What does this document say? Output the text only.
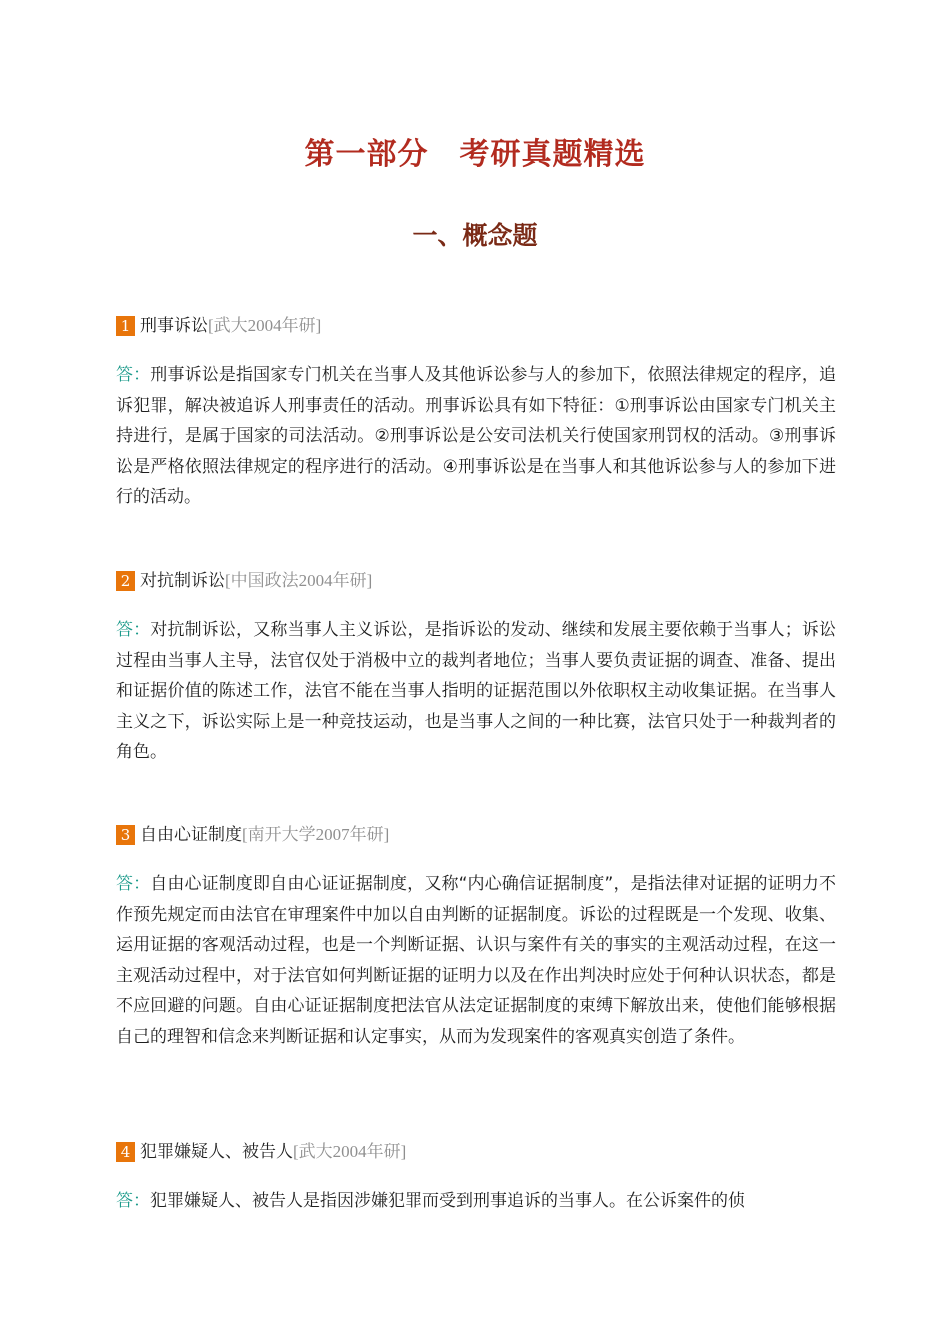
第一部分　考研真题精选
一、概念题
1 刑事诉讼 [武大2004年研]
答：刑事诉讼是指国家专门机关在当事人及其他诉讼参与人的参加下，依照法律规定的程序，追诉犯罪，解决被追诉人刑事责任的活动。刑事诉讼具有如下特征：①刑事诉讼由国家专门机关主持进行，是属于国家的司法活动。②刑事诉讼是公安司法机关行使国家刑罚权的活动。③刑事诉讼是严格依照法律规定的程序进行的活动。④刑事诉讼是在当事人和其他诉讼参与人的参加下进行的活动。
2 对抗制诉讼 [中国政法2004年研]
答：对抗制诉讼，又称当事人主义诉讼，是指诉讼的发动、继续和发展主要依赖于当事人；诉讼过程由当事人主导，法官仅处于消极中立的裁判者地位；当事人要负责证据的调查、准备、提出和证据价值的陈述工作，法官不能在当事人指明的证据范围以外依职权主动收集证据。在当事人主义之下，诉讼实际上是一种竞技运动，也是当事人之间的一种比赛，法官只处于一种裁判者的角色。
3 自由心证制度 [南开大学2007年研]
答：自由心证制度即自由心证证据制度，又称“内心确信证据制度”，是指法律对证据的证明力不作预先规定而由法官在审理案件中加以自由判断的证据制度。诉讼的过程既是一个发现、收集、运用证据的客观活动过程，也是一个判断证据、认识与案件有关的事实的主观活动过程，在这一主观活动过程中，对于法官如何判断证据的证明力以及在作出判决时应处于何种认识状态，都是不应回避的问题。自由心证证据制度把法官从法定证据制度的束缚下解放出来，使他们能够根据自己的理智和信念来判断证据和认定事实，从而为发现案件的客观真实创造了条件。
4 犯罪嫌疑人、被告人 [武大2004年研]
答：犯罪嫌疑人、被告人是指因涉嫌犯罪而受到刑事追诉的当事人。在公诉案件的侦
